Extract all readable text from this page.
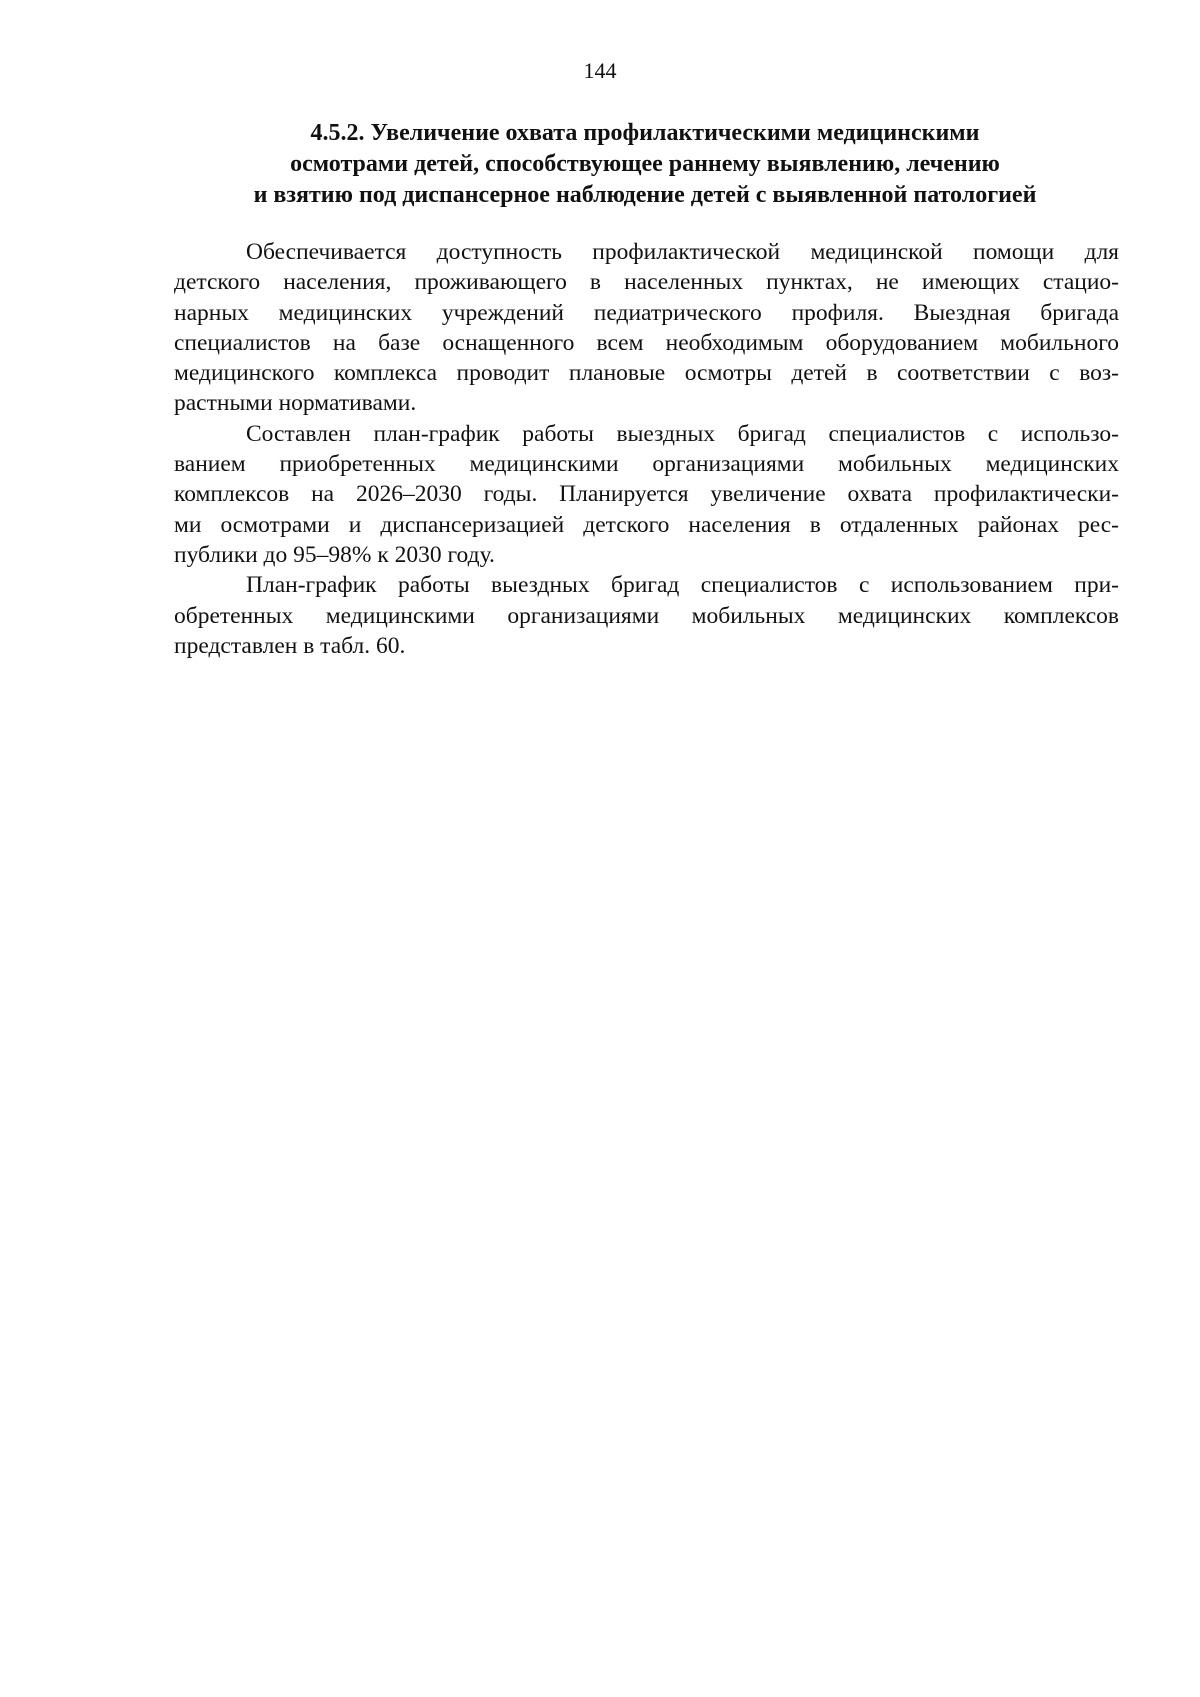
144
4.5.2. Увеличение охвата профилактическими медицинскими
осмотрами детей, способствующее раннему выявлению, лечению
и взятию под диспансерное наблюдение детей с выявленной патологией
Обеспечивается доступность профилактической медицинской помощи для
детского населения, проживающего в населенных пунктах, не имеющих стацио-
нарных медицинских учреждений педиатрического профиля. Выездная бригада
специалистов на базе оснащенного всем необходимым оборудованием мобильного
медицинского комплекса проводит плановые осмотры детей в соответствии с воз-
растными нормативами.
Составлен план-график работы выездных бригад специалистов с использо-
ванием приобретенных медицинскими организациями мобильных медицинских
комплексов на 2026–2030 годы. Планируется увеличение охвата профилактически-
ми осмотрами и диспансеризацией детского населения в отдаленных районах рес-
публики до 95–98% к 2030 году.
План-график работы выездных бригад специалистов с использованием при-
обретенных медицинскими организациями мобильных медицинских комплексов
представлен в табл. 60.
